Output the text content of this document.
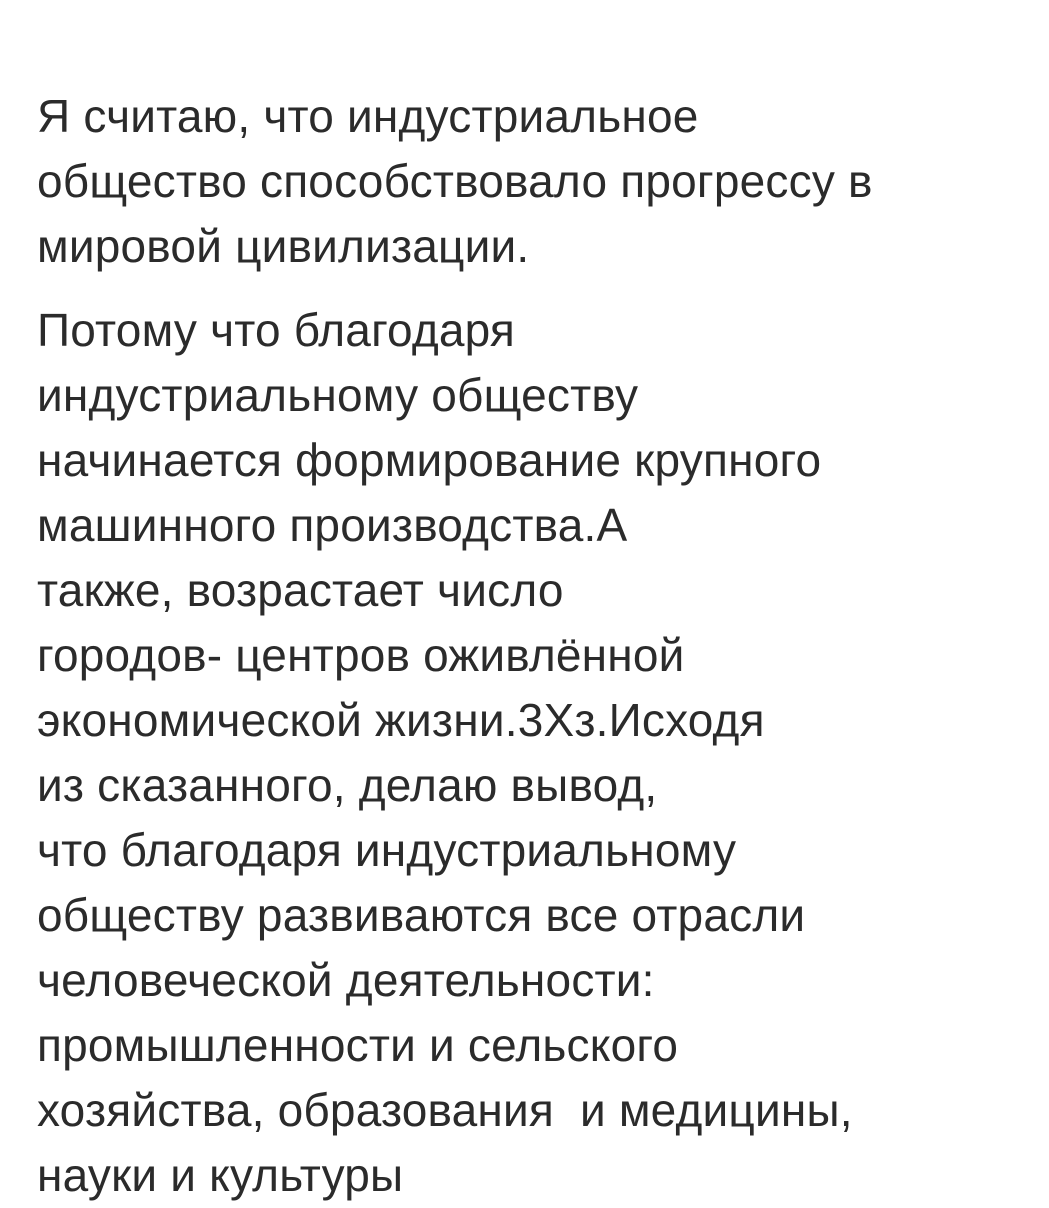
Я считаю, что индустриальное
общество способствовало прогрессу в
мировой цивилизации.

Потому что благодаря
индустриальному обществу
начинается формирование крупного
машинного производства.А
также, возрастает число
городов- центров оживлённой
экономической жизни.3Хз.Исходя
из сказанного, делаю вывод,
что благодаря индустриальному
обществу развиваются все отрасли
человеческой деятельности:
промышленности и сельского
хозяйства, образования  и медицины,
науки и культуры
